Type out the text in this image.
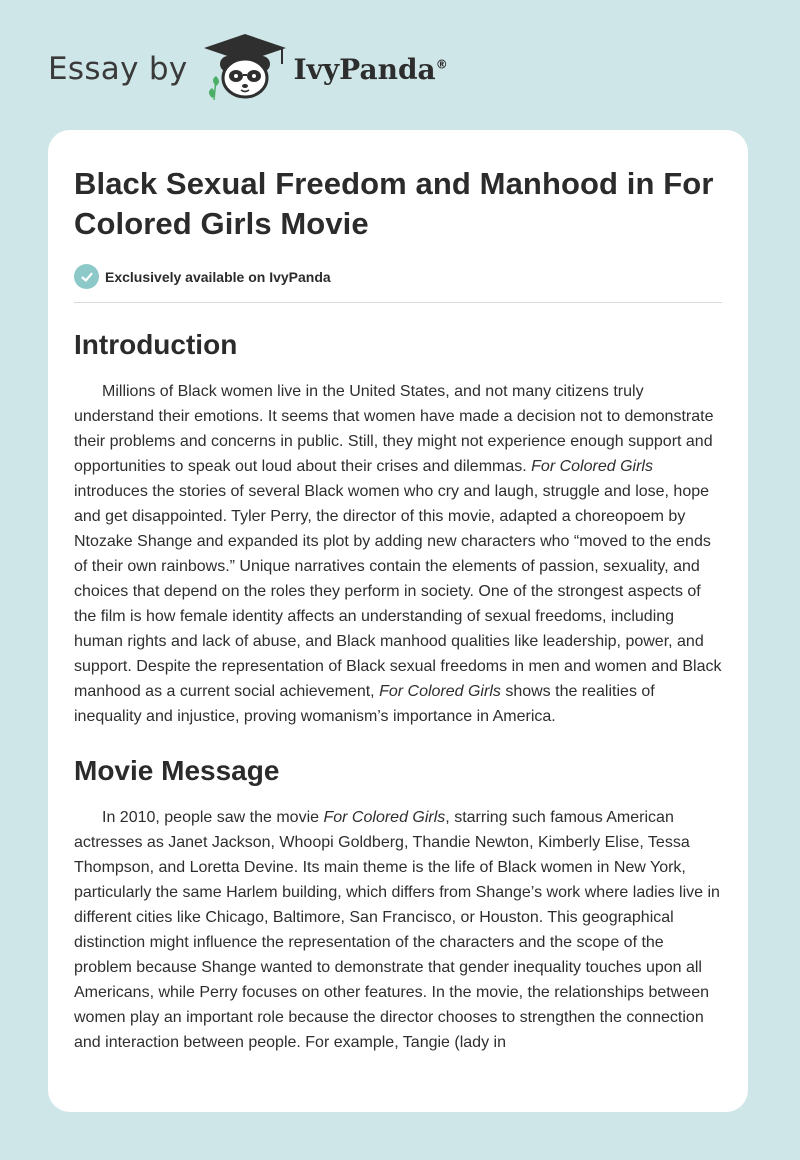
Essay by	IvyPanda®
Black Sexual Freedom and Manhood in For Colored Girls Movie
Exclusively available on IvyPanda
Introduction

Millions of Black women live in the United States, and not many citizens truly understand their emotions. It seems that women have made a decision not to demonstrate their problems and concerns in public. Still, they might not experience enough support and opportunities to speak out loud about their crises and dilemmas. For Colored Girls introduces the stories of several Black women who cry and laugh, struggle and lose, hope and get disappointed. Tyler Perry, the director of this movie, adapted a choreopoem by Ntozake Shange and expanded its plot by adding new characters who “moved to the ends of their own rainbows.” Unique narratives contain the elements of passion, sexuality, and choices that depend on the roles they perform in society. One of the strongest aspects of the film is how female identity affects an understanding of sexual freedoms, including human rights and lack of abuse, and Black manhood qualities like leadership, power, and support. Despite the representation of Black sexual freedoms in men and women and Black manhood as a current social achievement, For Colored Girls shows the realities of inequality and injustice, proving womanism’s importance in America.

Movie Message

In 2010, people saw the movie For Colored Girls, starring such famous American actresses as Janet Jackson, Whoopi Goldberg, Thandie Newton, Kimberly Elise, Tessa Thompson, and Loretta Devine. Its main theme is the life of Black women in New York, particularly the same Harlem building, which differs from Shange’s work where ladies live in different cities like Chicago, Baltimore, San Francisco, or Houston. This geographical distinction might influence the representation of the characters and the scope of the problem because Shange wanted to demonstrate that gender inequality touches upon all Americans, while Perry focuses on other features. In the movie, the relationships between women play an important role because the director chooses to strengthen the connection and interaction between people. For example, Tangie (lady in
